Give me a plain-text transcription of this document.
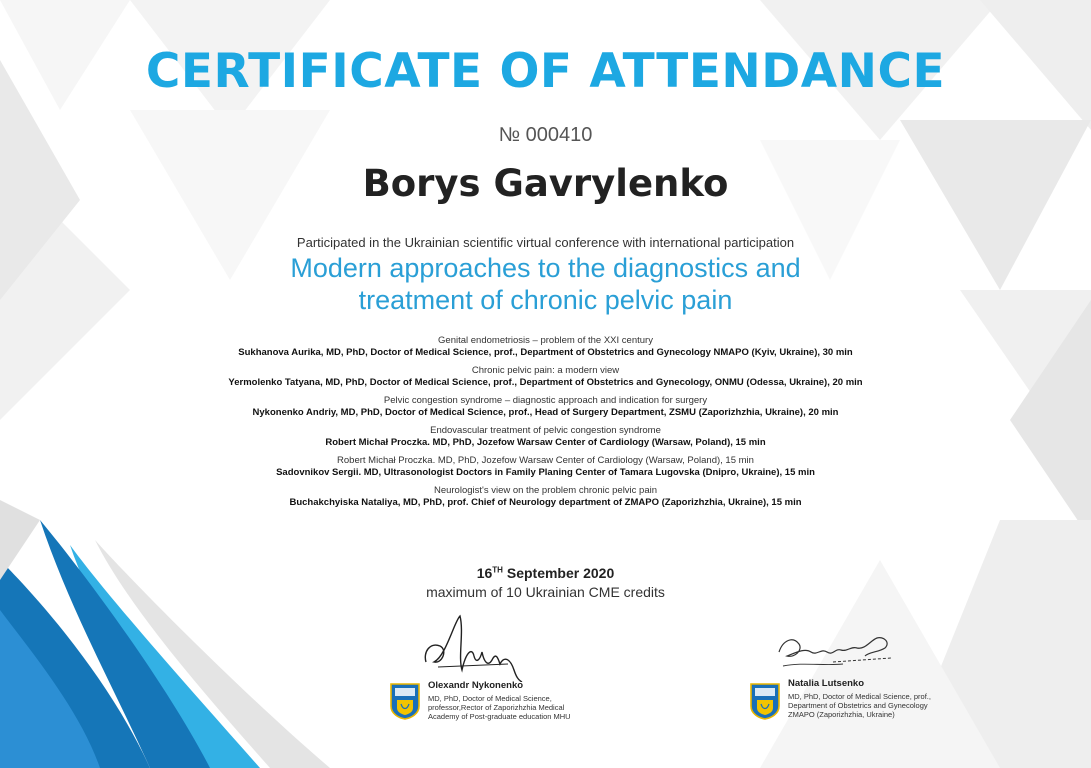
CERTIFICATE OF ATTENDANCE
№ 000410
Borys Gavrylenko
Participated in the Ukrainian scientific virtual conference with international participation
Modern approaches to the diagnostics and
treatment of chronic pelvic pain
Genital endometriosis – problem of the XXI century
Sukhanova Aurika, MD, PhD, Doctor of Medical Science, prof., Department of Obstetrics and Gynecology NMAPO (Kyiv, Ukraine), 30 min
Chronic pelvic pain: a modern view
Yermolenko Tatyana, MD, PhD, Doctor of Medical Science, prof., Department of Obstetrics and Gynecology, ONMU (Odessa, Ukraine), 20 min
Pelvic congestion syndrome – diagnostic approach and indication for surgery
Nykonenko Andriy, MD, PhD, Doctor of Medical Science, prof., Head of Surgery Department, ZSMU (Zaporizhzhia, Ukraine), 20 min
Endovascular treatment of pelvic congestion syndrome
Robert Michał Proczka. MD, PhD, Jozefow Warsaw Center of Cardiology (Warsaw, Poland), 15 min
Robert Michał Proczka. MD, PhD, Jozefow Warsaw Center of Cardiology (Warsaw, Poland), 15 min
Sadovnikov Sergii. MD, Ultrasonologist Doctors in Family Planing Center of Tamara Lugovska (Dnipro, Ukraine), 15 min
Neurologist's view on the problem chronic pelvic pain
Buchakchyiska Nataliya, MD, PhD, prof. Chief of Neurology department of ZMAPO (Zaporizhzhia, Ukraine), 15 min
16TH September 2020
maximum of 10 Ukrainian CME credits
Olexandr Nykonenko
MD, PhD, Doctor of Medical Science,
professor,Rector of Zaporizhzhia Medical
Academy of Post-graduate education MHU
Natalia Lutsenko
MD, PhD, Doctor of Medical Science, prof.,
Department of Obstetrics and Gynecology
ZMAPO (Zaporizhzhia, Ukraine)
